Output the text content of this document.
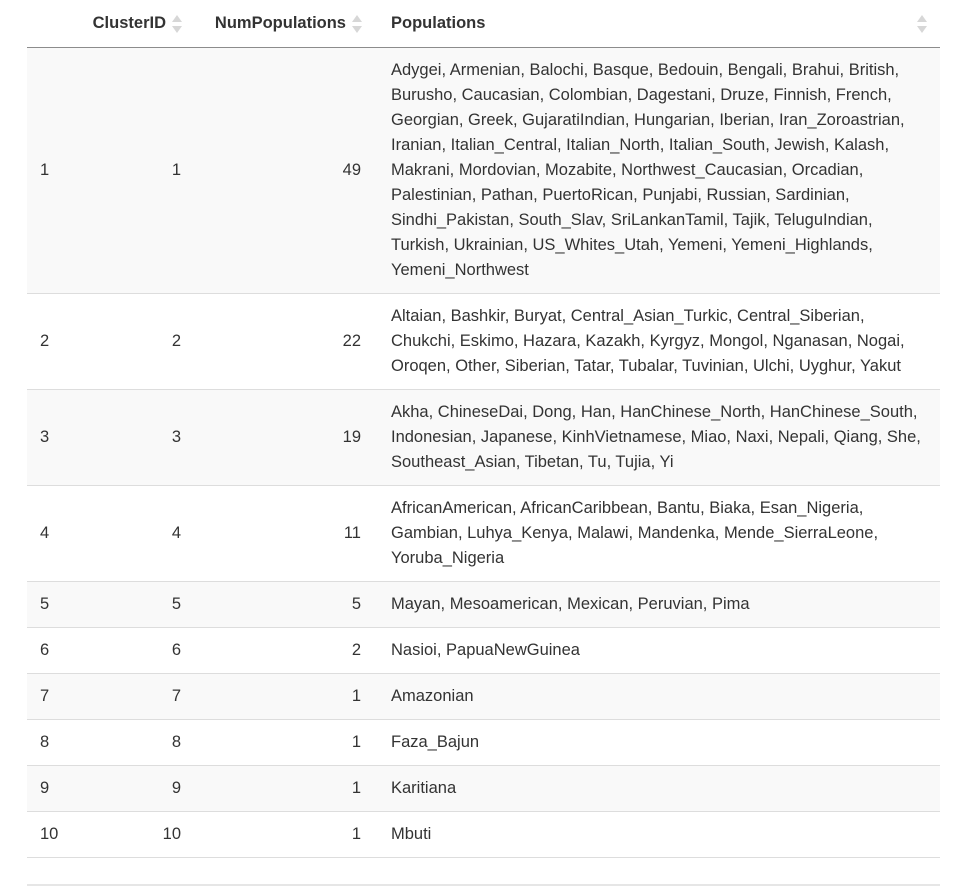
	ClusterID	NumPopulations	Populations

1	1	49	Adygei, Armenian, Balochi, Basque, Bedouin, Bengali, Brahui, British, Burusho, Caucasian, Colombian, Dagestani, Druze, Finnish, French, Georgian, Greek, GujaratiIndian, Hungarian, Iberian, Iran_Zoroastrian, Iranian, Italian_Central, Italian_North, Italian_South, Jewish, Kalash, Makrani, Mordovian, Mozabite, Northwest_Caucasian, Orcadian, Palestinian, Pathan, PuertoRican, Punjabi, Russian, Sardinian, Sindhi_Pakistan, South_Slav, SriLankanTamil, Tajik, TeluguIndian, Turkish, Ukrainian, US_Whites_Utah, Yemeni, Yemeni_Highlands, Yemeni_Northwest
2	2	22	Altaian, Bashkir, Buryat, Central_Asian_Turkic, Central_Siberian, Chukchi, Eskimo, Hazara, Kazakh, Kyrgyz, Mongol, Nganasan, Nogai, Oroqen, Other, Siberian, Tatar, Tubalar, Tuvinian, Ulchi, Uyghur, Yakut
3	3	19	Akha, ChineseDai, Dong, Han, HanChinese_North, HanChinese_South, Indonesian, Japanese, KinhVietnamese, Miao, Naxi, Nepali, Qiang, She, Southeast_Asian, Tibetan, Tu, Tujia, Yi
4	4	11	AfricanAmerican, AfricanCaribbean, Bantu, Biaka, Esan_Nigeria, Gambian, Luhya_Kenya, Malawi, Mandenka, Mende_SierraLeone, Yoruba_Nigeria
5	5	5	Mayan, Mesoamerican, Mexican, Peruvian, Pima
6	6	2	Nasioi, PapuaNewGuinea
7	7	1	Amazonian
8	8	1	Faza_Bajun
9	9	1	Karitiana
10	10	1	Mbuti
